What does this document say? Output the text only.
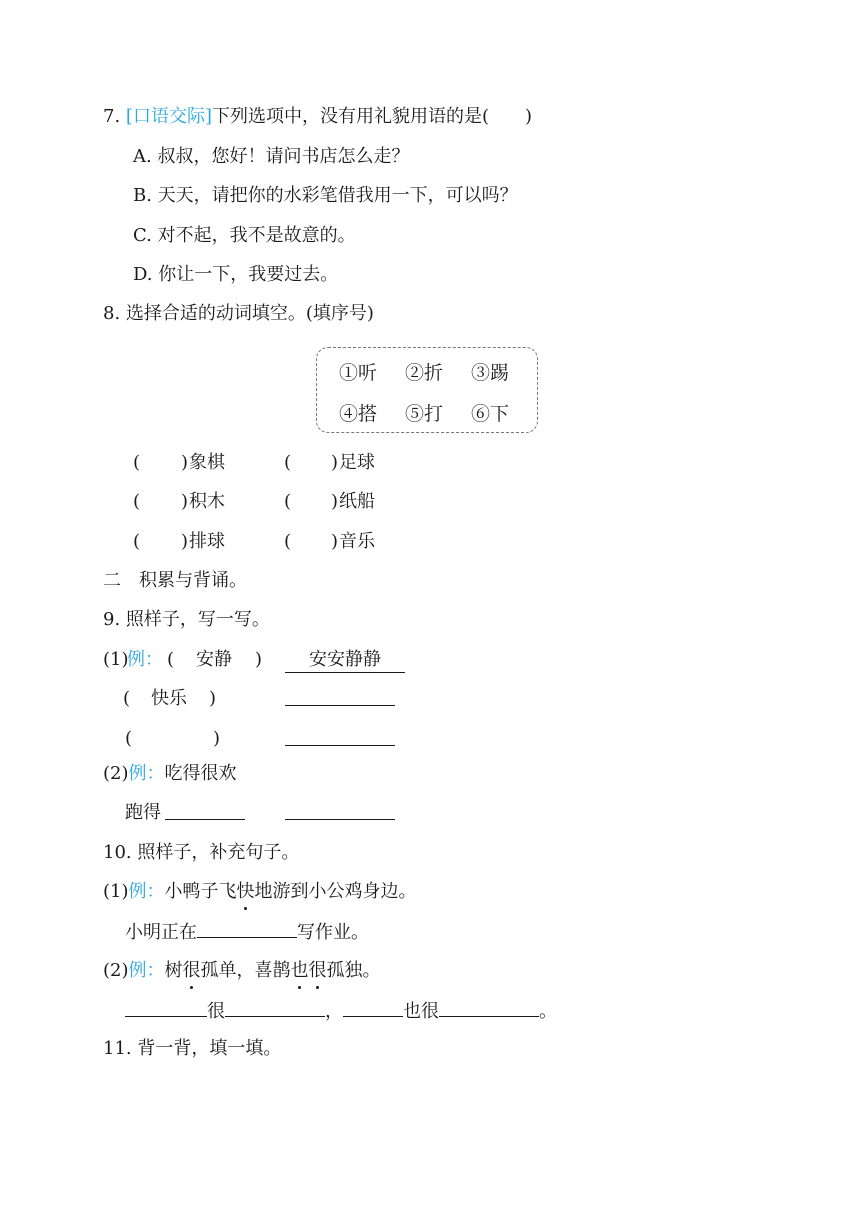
7. [口语交际]下列选项中，没有用礼貌用语的是(　　)
A. 叔叔，您好！请问书店怎么走？
B. 天天，请把你的水彩笔借我用一下，可以吗？
C. 对不起，我不是故意的。
D. 你让一下，我要过去。
8. 选择合适的动词填空。(填序号)
①听 ②折 ③踢
④搭 ⑤打 ⑥下
( ) 象棋	( ) 足球
( ) 积木	( ) 纸船
( ) 排球	( ) 音乐
二　积累与背诵。
9. 照样子，写一写。
(1)
例： ( 安静 )	安安静静
( 快乐 )
(	)
(2)例：吃得很欢
跑得
10. 照样子，补充句子。
(1)例：小鸭子飞快地游到小公鸡身边。
小明正在	写作业。
(2)例：树很孤单，喜鹊也很孤独。
很	，	也很	。
11. 背一背，填一填。
